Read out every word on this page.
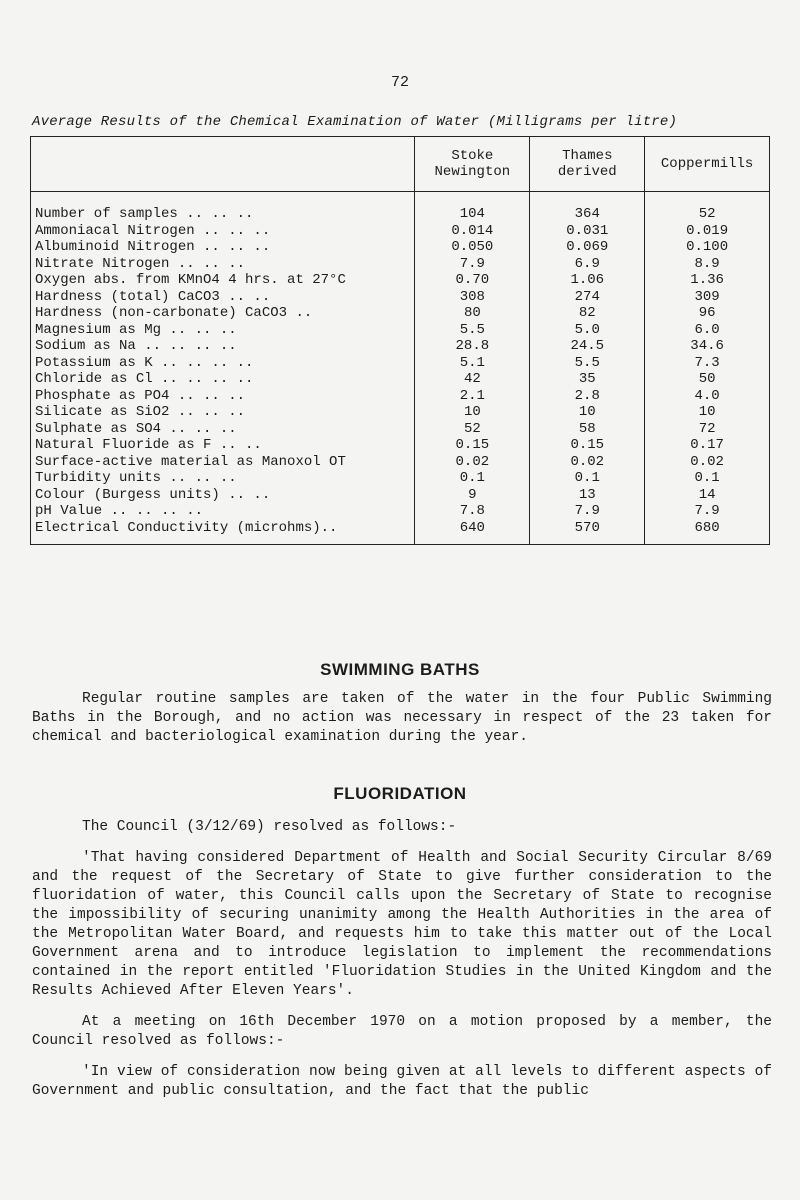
72
Average Results of the Chemical Examination of Water (Milligrams per litre)
	Stoke Newington	Thames derived	Coppermills
Number of samples .. .. ..	104	364	52
Ammoniacal Nitrogen .. .. ..	0.014	0.031	0.019
Albuminoid Nitrogen .. .. ..	0.050	0.069	0.100
Nitrate Nitrogen .. .. ..	7.9	6.9	8.9
Oxygen abs. from KMnO4 4 hrs. at 27°C	0.70	1.06	1.36
Hardness (total) CaCO3 .. ..	308	274	309
Hardness (non-carbonate) CaCO3 ..	80	82	96
Magnesium as Mg .. .. ..	5.5	5.0	6.0
Sodium as Na .. .. .. ..	28.8	24.5	34.6
Potassium as K .. .. .. ..	5.1	5.5	7.3
Chloride as Cl .. .. .. ..	42	35	50
Phosphate as PO4 .. .. ..	2.1	2.8	4.0
Silicate as SiO2 .. .. ..	10	10	10
Sulphate as SO4 .. .. ..	52	58	72
Natural Fluoride as F .. ..	0.15	0.15	0.17
Surface-active material as Manoxol OT	0.02	0.02	0.02
Turbidity units .. .. ..	0.1	0.1	0.1
Colour (Burgess units) .. ..	9	13	14
pH Value .. .. .. ..	7.8	7.9	7.9
Electrical Conductivity (microhms)..	640	570	680
SWIMMING BATHS

Regular routine samples are taken of the water in the four Public Swimming Baths in the Borough, and no action was necessary in respect of the 23 taken for chemical and bacteriological examination during the year.

FLUORIDATION

The Council (3/12/69) resolved as follows:-

'That having considered Department of Health and Social Security Circular 8/69 and the request of the Secretary of State to give further consideration to the fluoridation of water, this Council calls upon the Secretary of State to recognise the impossibility of securing unanimity among the Health Authorities in the area of the Metropolitan Water Board, and requests him to take this matter out of the Local Government arena and to introduce legislation to implement the recommendations contained in the report entitled 'Fluoridation Studies in the United Kingdom and the Results Achieved After Eleven Years'.

At a meeting on 16th December 1970 on a motion proposed by a member, the Council resolved as follows:-

'In view of consideration now being given at all levels to different aspects of Government and public consultation, and the fact that the public
